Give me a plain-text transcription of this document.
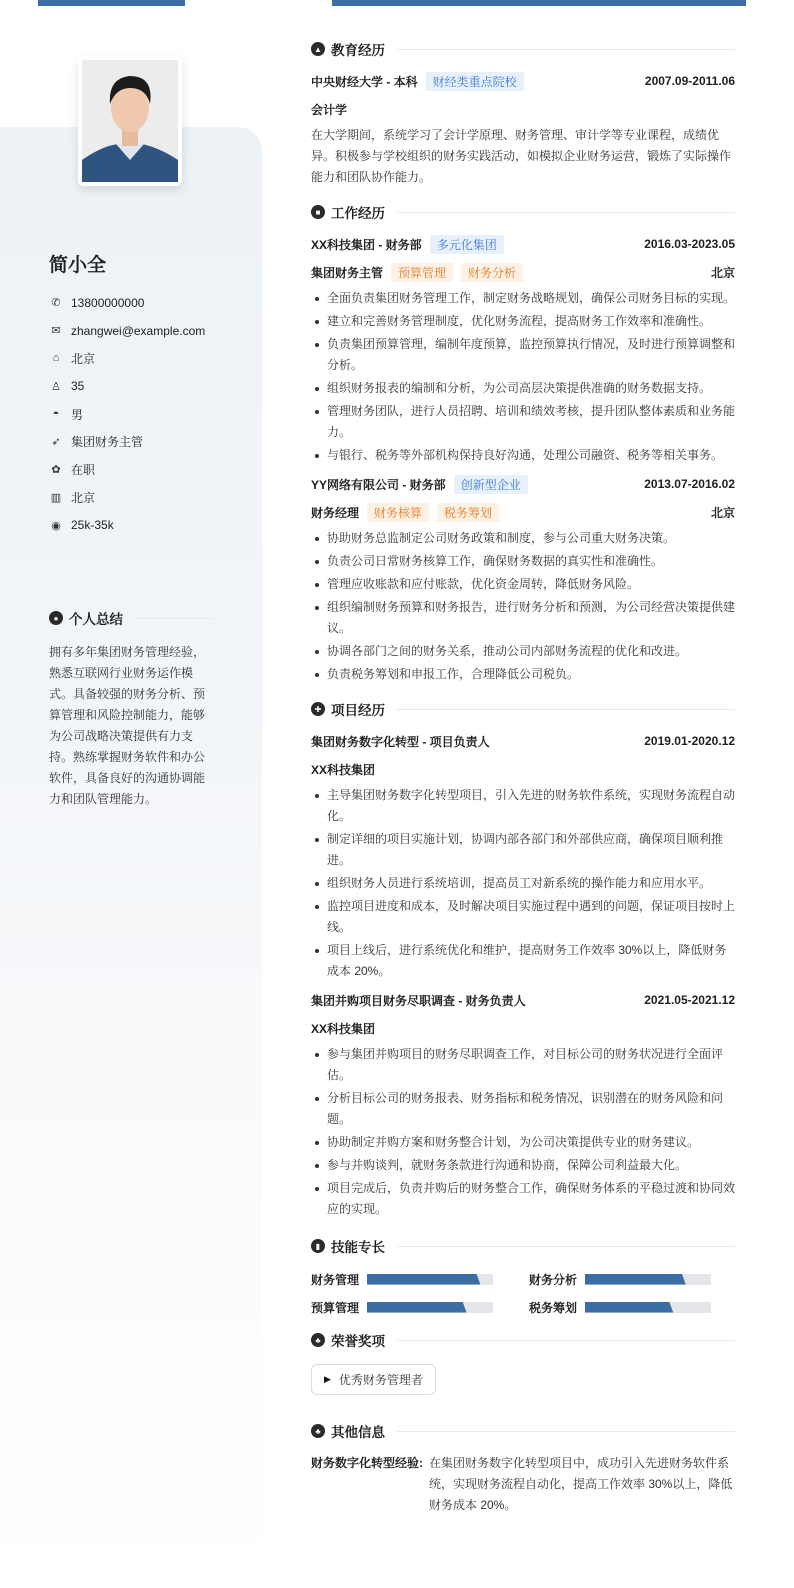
简小全
✆ 13800000000
✉ zhangwei@example.com
⌂ 北京
♙ 35
◓ 男
➶ 集团财务主管
✿ 在职
▥ 北京
◉ 25k-35k
● 个人总结
拥有多年集团财务管理经验，熟悉互联网行业财务运作模式。具备较强的财务分析、预算管理和风险控制能力，能够为公司战略决策提供有力支持。熟练掌握财务软件和办公软件，具备良好的沟通协调能力和团队管理能力。
▲ 教育经历
中央财经大学 - 本科	财经类重点院校	2007.09-2011.06
会计学
在大学期间，系统学习了会计学原理、财务管理、审计学等专业课程，成绩优异。积极参与学校组织的财务实践活动，如模拟企业财务运营，锻炼了实际操作能力和团队协作能力。
■ 工作经历
XX科技集团 - 财务部	多元化集团	2016.03-2023.05
集团财务主管	预算管理	财务分析	北京
全面负责集团财务管理工作，制定财务战略规划，确保公司财务目标的实现。
建立和完善财务管理制度，优化财务流程，提高财务工作效率和准确性。
负责集团预算管理，编制年度预算，监控预算执行情况，及时进行预算调整和分析。
组织财务报表的编制和分析，为公司高层决策提供准确的财务数据支持。
管理财务团队，进行人员招聘、培训和绩效考核，提升团队整体素质和业务能力。
与银行、税务等外部机构保持良好沟通，处理公司融资、税务等相关事务。
YY网络有限公司 - 财务部	创新型企业	2013.07-2016.02
财务经理	财务核算	税务筹划	北京
协助财务总监制定公司财务政策和制度，参与公司重大财务决策。
负责公司日常财务核算工作，确保财务数据的真实性和准确性。
管理应收账款和应付账款，优化资金周转，降低财务风险。
组织编制财务预算和财务报告，进行财务分析和预测，为公司经营决策提供建议。
协调各部门之间的财务关系，推动公司内部财务流程的优化和改进。
负责税务筹划和申报工作，合理降低公司税负。
✚ 项目经历
集团财务数字化转型 - 项目负责人	2019.01-2020.12
XX科技集团
主导集团财务数字化转型项目，引入先进的财务软件系统，实现财务流程自动化。
制定详细的项目实施计划，协调内部各部门和外部供应商，确保项目顺利推进。
组织财务人员进行系统培训，提高员工对新系统的操作能力和应用水平。
监控项目进度和成本，及时解决项目实施过程中遇到的问题，保证项目按时上线。
项目上线后，进行系统优化和维护，提高财务工作效率 30%以上，降低财务成本 20%。
集团并购项目财务尽职调查 - 财务负责人	2021.05-2021.12
XX科技集团
参与集团并购项目的财务尽职调查工作，对目标公司的财务状况进行全面评估。
分析目标公司的财务报表、财务指标和税务情况，识别潜在的财务风险和问题。
协助制定并购方案和财务整合计划，为公司决策提供专业的财务建议。
参与并购谈判，就财务条款进行沟通和协商，保障公司利益最大化。
项目完成后，负责并购后的财务整合工作，确保财务体系的平稳过渡和协同效应的实现。
▮ 技能专长
财务管理	财务分析
预算管理	税务筹划
♣ 荣誉奖项
▶ 优秀财务管理者
♣ 其他信息
财务数字化转型经验: 在集团财务数字化转型项目中，成功引入先进财务软件系统，实现财务流程自动化，提高工作效率 30%以上，降低财务成本 20%。
